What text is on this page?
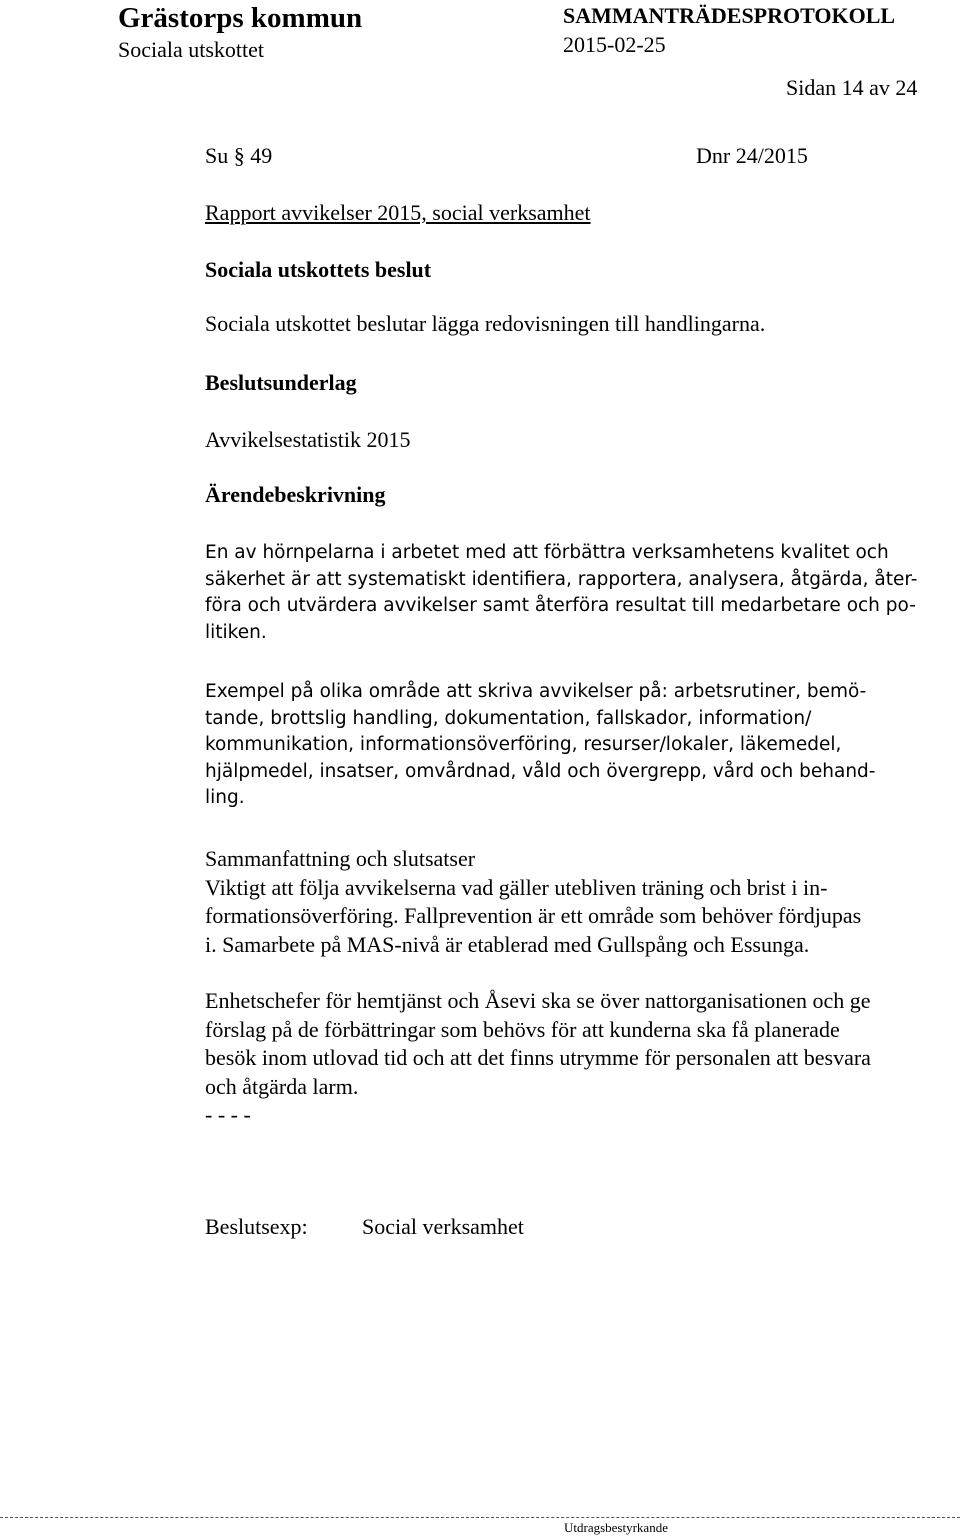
Grästorps kommun
Sociala utskottet
SAMMANTRÄDESPROTOKOLL
2015-02-25
Sidan 14 av 24
Su § 49	Dnr 24/2015
Rapport avvikelser 2015, social verksamhet
Sociala utskottets beslut
Sociala utskottet beslutar lägga redovisningen till handlingarna.
Beslutsunderlag
Avvikelsestatistik 2015
Ärendebeskrivning
En av hörnpelarna i arbetet med att förbättra verksamhetens kvalitet och
säkerhet är att systematiskt identifiera, rapportera, analysera, åtgärda, åter-
föra och utvärdera avvikelser samt återföra resultat till medarbetare och po-
litiken.
Exempel på olika område att skriva avvikelser på: arbetsrutiner, bemö-
tande, brottslig handling, dokumentation, fallskador, information/
kommunikation, informationsöverföring, resurser/lokaler, läkemedel,
hjälpmedel, insatser, omvårdnad, våld och övergrepp, vård och behand-
ling.
Sammanfattning och slutsatser
Viktigt att följa avvikelserna vad gäller utebliven träning och brist i in-
formationsöverföring. Fallprevention är ett område som behöver fördjupas
i. Samarbete på MAS-nivå är etablerad med Gullspång och Essunga.
Enhetschefer för hemtjänst och Åsevi ska se över nattorganisationen och ge
förslag på de förbättringar som behövs för att kunderna ska få planerade
besök inom utlovad tid och att det finns utrymme för personalen att besvara
och åtgärda larm.
- - - -
Beslutsexp: Social verksamhet
Utdragsbestyrkande
